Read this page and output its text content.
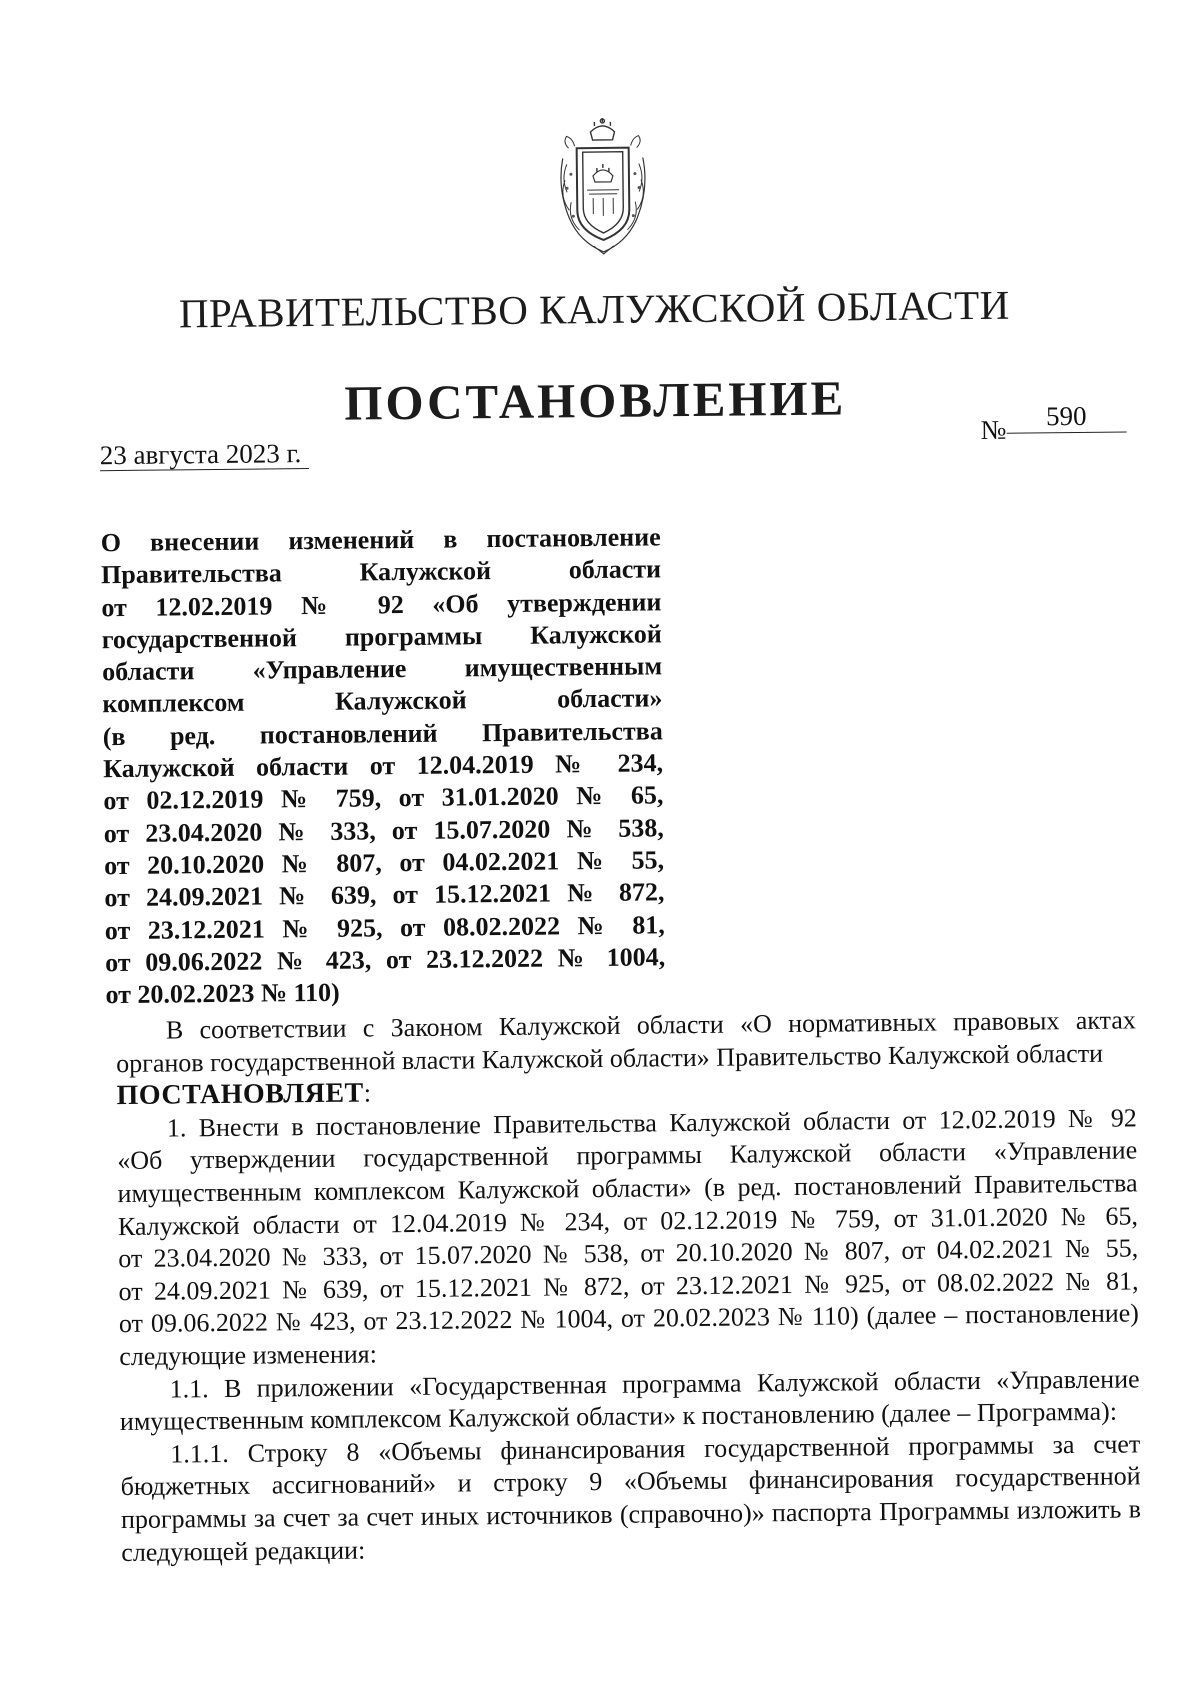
ПРАВИТЕЛЬСТВО КАЛУЖСКОЙ ОБЛАСТИ
ПОСТАНОВЛЕНИЕ
23 августа 2023 г.
№ 590
О внесении изменений в постановление
Правительства Калужской области
от 12.02.2019 № 92 «Об утверждении
государственной программы Калужской
области «Управление имущественным
комплексом Калужской области»
(в ред. постановлений Правительства
Калужской области от 12.04.2019 № 234,
от 02.12.2019 № 759, от 31.01.2020 № 65,
от 23.04.2020 № 333, от 15.07.2020 № 538,
от 20.10.2020 № 807, от 04.02.2021 № 55,
от 24.09.2021 № 639, от 15.12.2021 № 872,
от 23.12.2021 № 925, от 08.02.2022 № 81,
от 09.06.2022 № 423, от 23.12.2022 № 1004,
от 20.02.2023 № 110)
В соответствии с Законом Калужской области «О нормативных правовых актах
органов государственной власти Калужской области» Правительство Калужской области
ПОСТАНОВЛЯЕТ:
1. Внести в постановление Правительства Калужской области от 12.02.2019 № 92
«Об утверждении государственной программы Калужской области «Управление
имущественным комплексом Калужской области» (в ред. постановлений Правительства
Калужской области от 12.04.2019 № 234, от 02.12.2019 № 759, от 31.01.2020 № 65,
от 23.04.2020 № 333, от 15.07.2020 № 538, от 20.10.2020 № 807, от 04.02.2021 № 55,
от 24.09.2021 № 639, от 15.12.2021 № 872, от 23.12.2021 № 925, от 08.02.2022 № 81,
от 09.06.2022 № 423, от 23.12.2022 № 1004, от 20.02.2023 № 110) (далее – постановление)
следующие изменения:
1.1. В приложении «Государственная программа Калужской области «Управление
имущественным комплексом Калужской области» к постановлению (далее – Программа):
1.1.1. Строку 8 «Объемы финансирования государственной программы за счет
бюджетных ассигнований» и строку 9 «Объемы финансирования государственной
программы за счет за счет иных источников (справочно)» паспорта Программы изложить в
следующей редакции:
